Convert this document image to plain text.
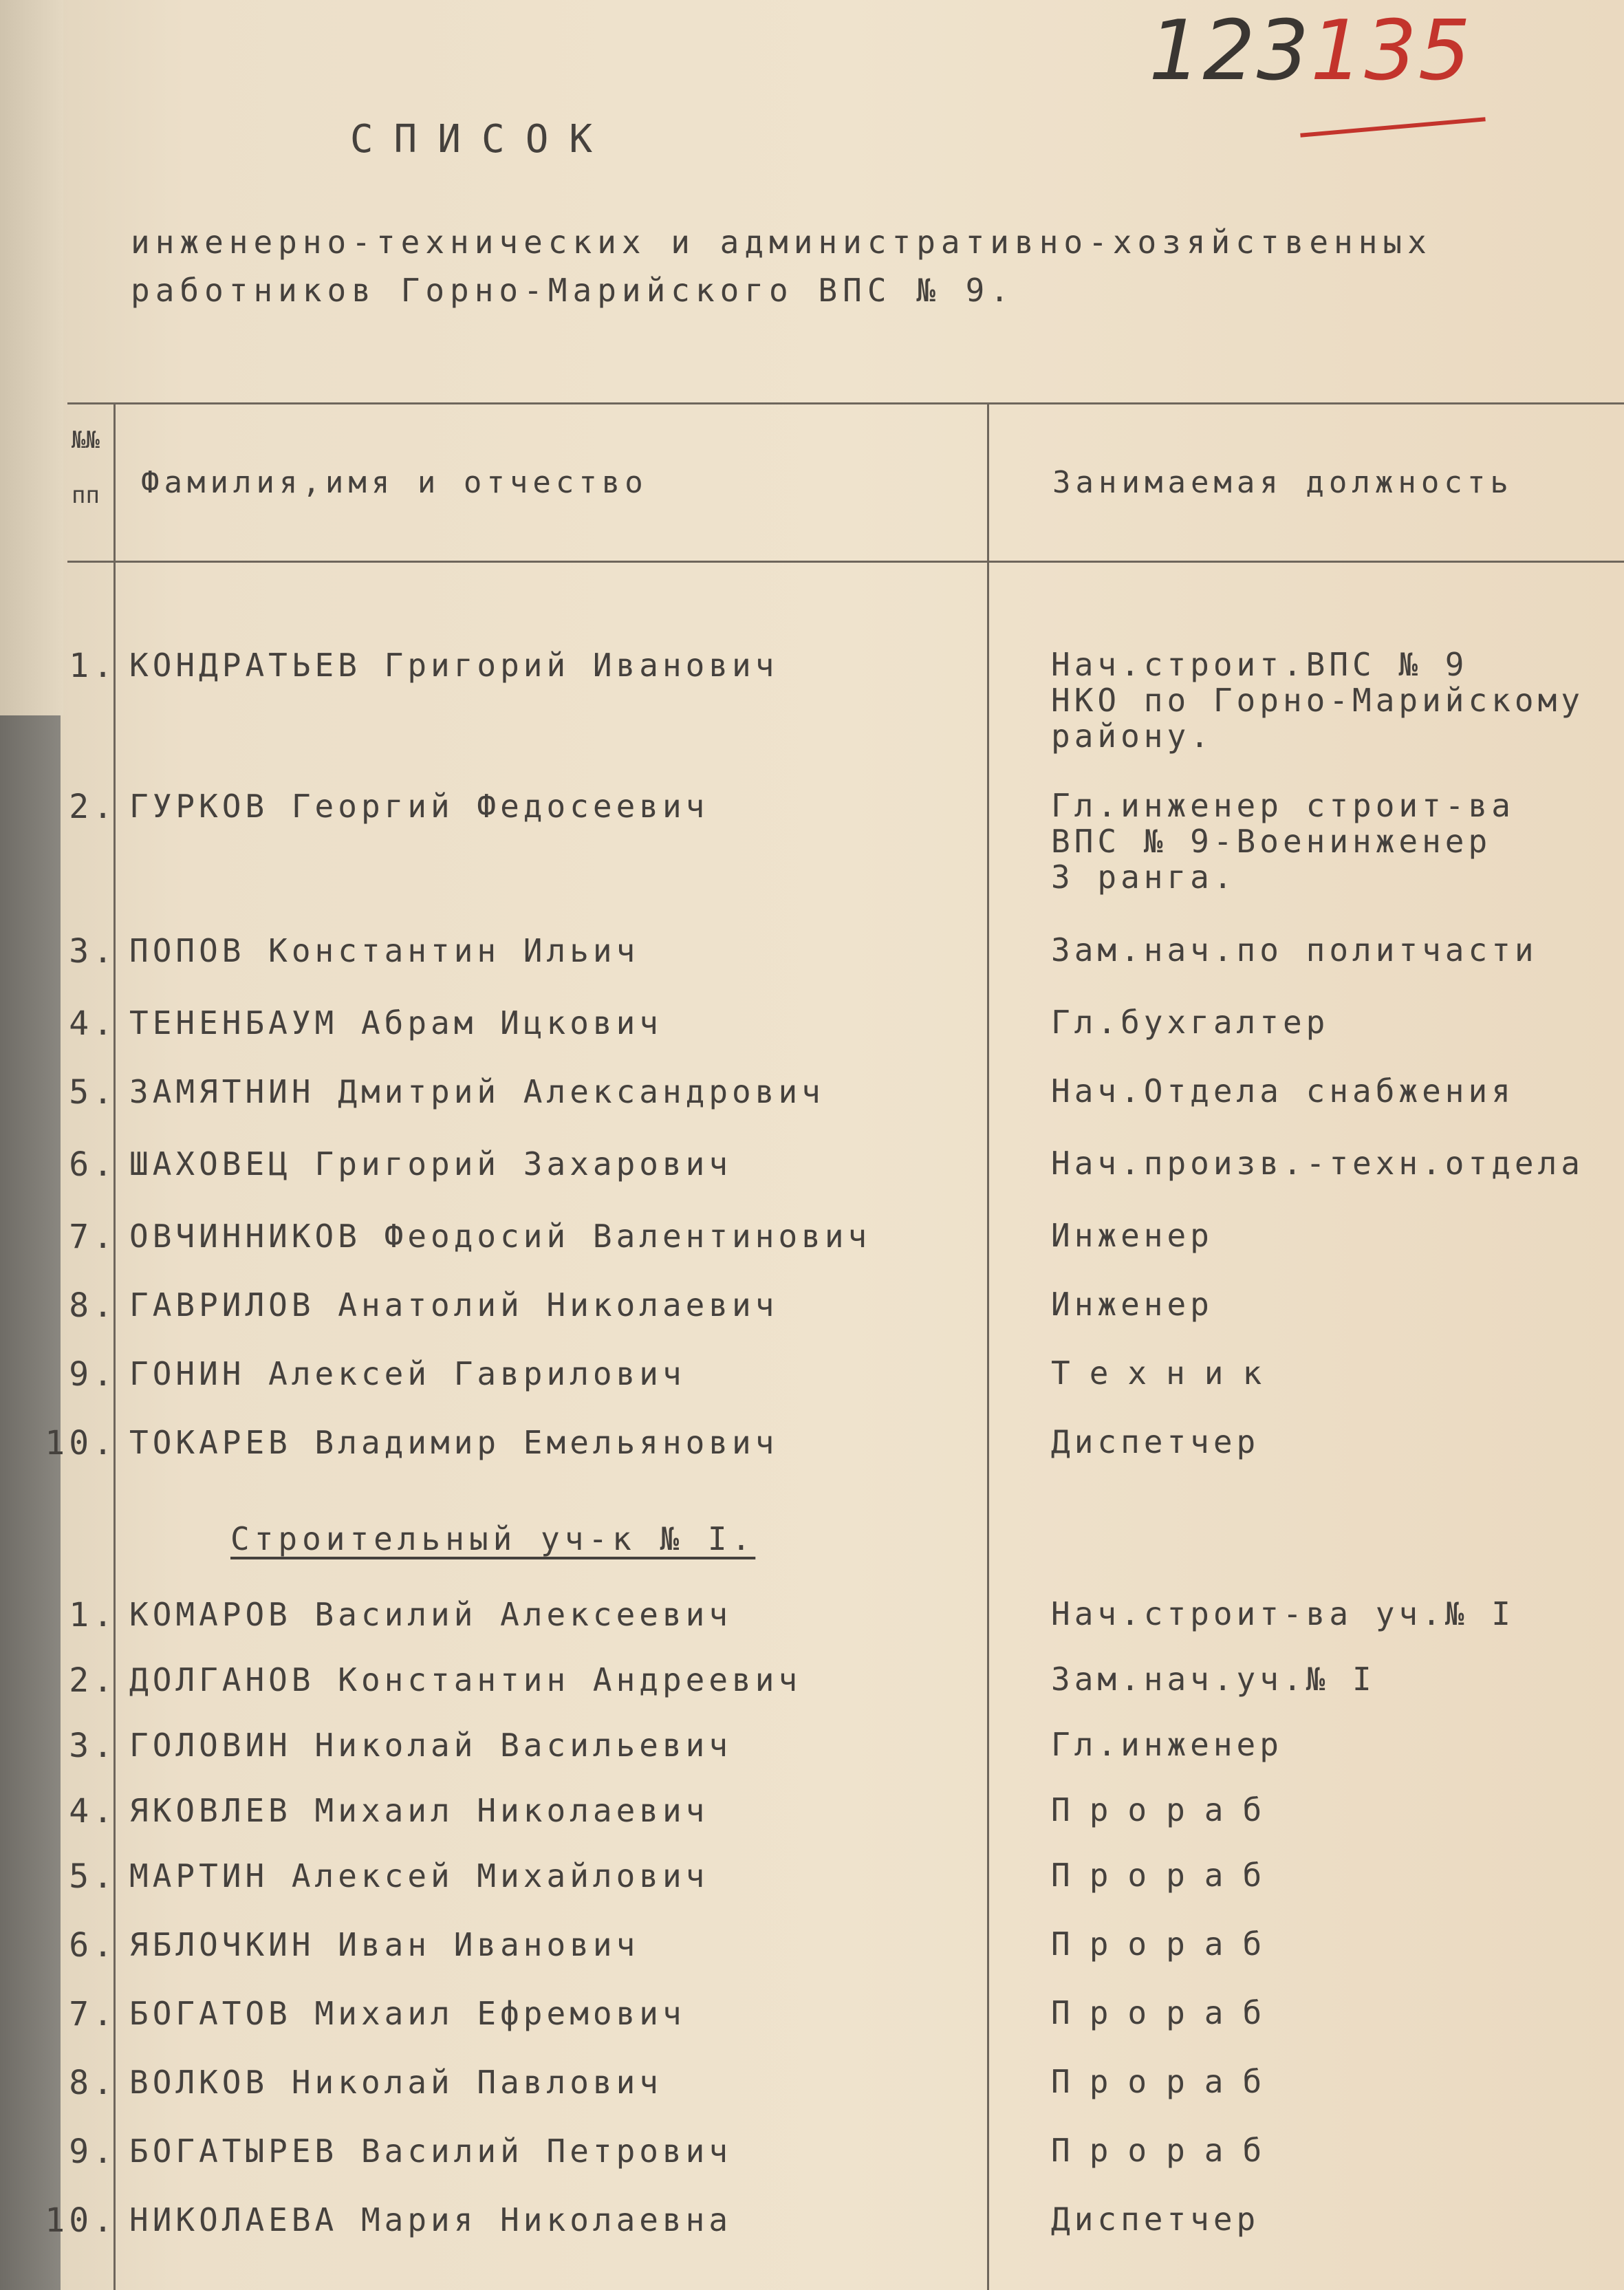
123135
СПИСОК
инженерно-технических и административно-хозяйственных
работников Горно-Марийского ВПС № 9.
№№ пп	Фамилия,имя и отчество	Занимаемая должность
1. КОНДРАТЬЕВ Григорий Иванович	Нач.строит.ВПС № 9
НКО по Горно-Марийскому
району.
2. ГУРКОВ Георгий Федосеевич	Гл.инженер строит-ва
ВПС № 9-Военинженер
3 ранга.
3. ПОПОВ Константин Ильич	Зам.нач.по политчасти
4. ТЕНЕНБАУМ Абрам Ицкович	Гл.бухгалтер
5. ЗАМЯТНИН Дмитрий Александрович	Нач.Отдела снабжения
6. ШАХОВЕЦ Григорий Захарович	Нач.произв.-техн.отдела
7. ОВЧИННИКОВ Феодосий Валентинович	Инженер
8. ГАВРИЛОВ Анатолий Николаевич	Инженер
9. ГОНИН Алексей Гаврилович	Техник
10. ТОКАРЕВ Владимир Емельянович	Диспетчер
Строительный уч-к № I.
1. КОМАРОВ Василий Алексеевич	Нач.строит-ва уч.№ I
2. ДОЛГАНОВ Константин Андреевич	Зам.нач.уч.№ I
3. ГОЛОВИН Николай Васильевич	Гл.инженер
4. ЯКОВЛЕВ Михаил Николаевич	Прораб
5. МАРТИН Алексей Михайлович	Прораб
6. ЯБЛОЧКИН Иван Иванович	Прораб
7. БОГАТОВ Михаил Ефремович	Прораб
8. ВОЛКОВ Николай Павлович	Прораб
9. БОГАТЫРЕВ Василий Петрович	Прораб
10. НИКОЛАЕВА Мария Николаевна	Диспетчер
